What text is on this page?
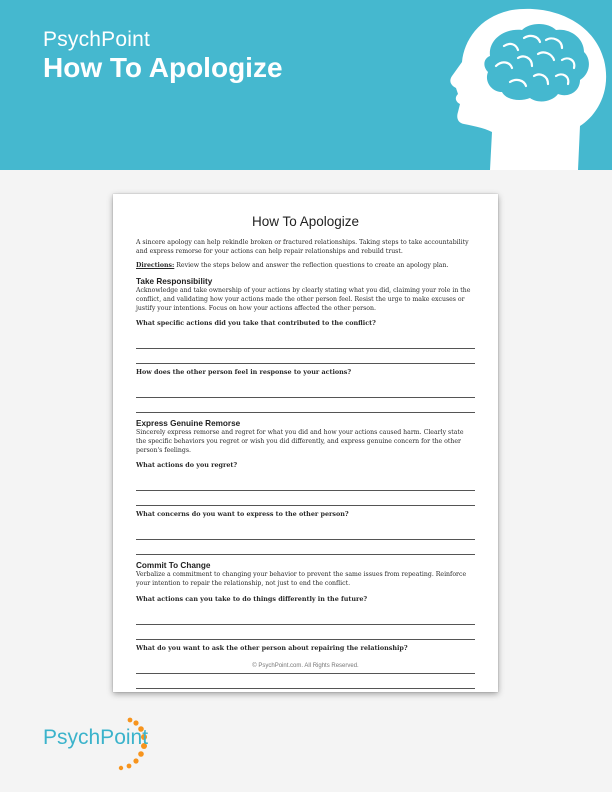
PsychPoint
How To Apologize
How To Apologize

A sincere apology can help rekindle broken or fractured relationships. Taking steps to take accountability and express remorse for your actions can help repair relationships and rebuild trust.

Directions: Review the steps below and answer the reflection questions to create an apology plan.

Take Responsibility

Acknowledge and take ownership of your actions by clearly stating what you did, claiming your role in the conflict, and validating how your actions made the other person feel. Resist the urge to make excuses or justify your intentions. Focus on how your actions affected the other person.

What specific actions did you take that contributed to the conflict?
How does the other person feel in response to your actions?
Express Genuine Remorse

Sincerely express remorse and regret for what you did and how your actions caused harm. Clearly state the specific behaviors you regret or wish you did differently, and express genuine concern for the other person's feelings.

What actions do you regret?
What concerns do you want to express to the other person?
Commit To Change

Verbalize a commitment to changing your behavior to prevent the same issues from repeating. Reinforce your intention to repair the relationship, not just to end the conflict.

What actions can you take to do things differently in the future?
What do you want to ask the other person about repairing the relationship?
© PsychPoint.com. All Rights Reserved.
PsychPoint
